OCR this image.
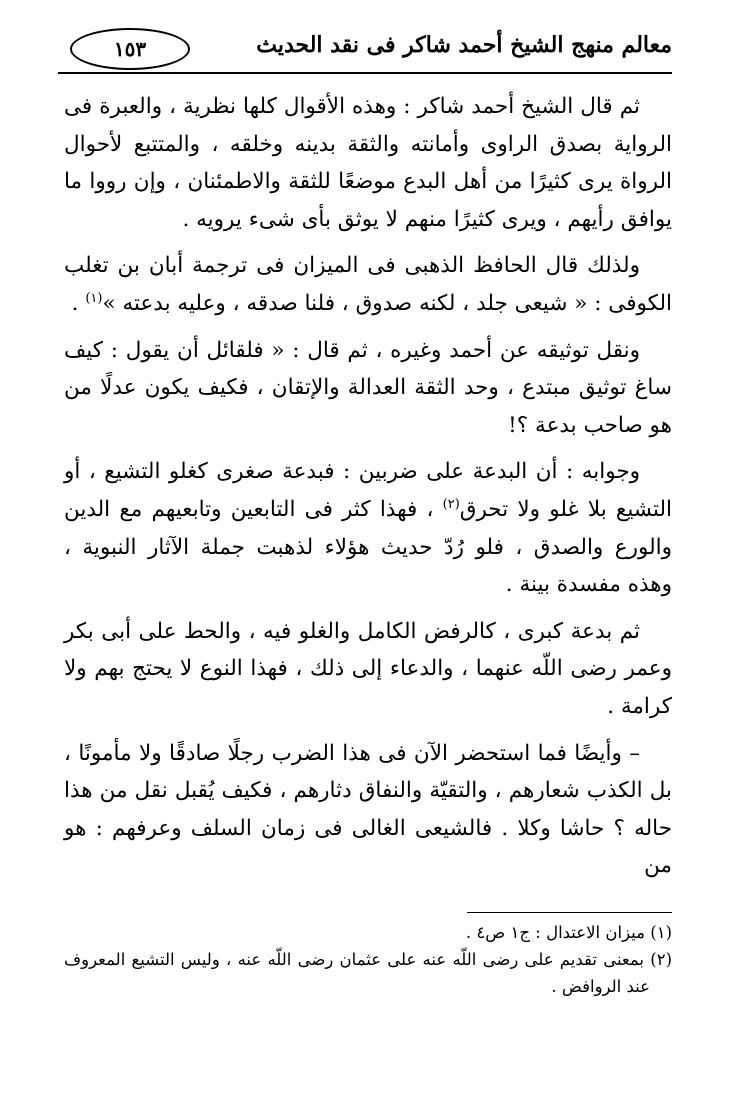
معالم منهج الشيخ أحمد شاكر فى نقد الحديث
١٥٣

ثم قال الشيخ أحمد شاكر : وهذه الأقوال كلها نظرية ، والعبرة فى الرواية بصدق الراوى وأمانته والثقة بدينه وخلقه ، والمتتبع لأحوال الرواة يرى كثيرًا من أهل البدع موضعًا للثقة والاطمئنان ، وإن رووا ما يوافق رأيهم ، ويرى كثيرًا منهم لا يوثق بأى شىء يرويه .

ولذلك قال الحافظ الذهبى فى الميزان فى ترجمة أبان بن تغلب الكوفى : « شيعى جلد ، لكنه صدوق ، فلنا صدقه ، وعليه بدعته »$^{(١)}$ .

ونقل توثيقه عن أحمد وغيره ، ثم قال : « فلقائل أن يقول : كيف ساغ توثيق مبتدع ، وحد الثقة العدالة والإتقان ، فكيف يكون عدلًا من هو صاحب بدعة ؟!

وجوابه : أن البدعة على ضربين : فبدعة صغرى كغلو التشيع ، أو التشيع بلا غلو ولا تحرق$^{(٢)}$ ، فهذا كثر فى التابعين وتابعيهم مع الدين والورع والصدق ، فلو رُدّ حديث هؤلاء لذهبت جملة الآثار النبوية ، وهذه مفسدة بينة .

ثم بدعة كبرى ، كالرفض الكامل والغلو فيه ، والحط على أبى بكر وعمر رضى اللّه عنهما ، والدعاء إلى ذلك ، فهذا النوع لا يحتج بهم ولا كرامة .

– وأيضًا فما استحضر الآن فى هذا الضرب رجلًا صادقًا ولا مأمونًا ، بل الكذب شعارهم ، والتقيّة والنفاق دثارهم ، فكيف يُقبل نقل من هذا حاله ؟ حاشا وكلا . فالشيعى الغالى فى زمان السلف وعرفهم : هو من

(١) ميزان الاعتدال : ج١ ص٤ .

(٢) بمعنى تقديم على رضى اللّه عنه على عثمان رضى اللّه عنه ، وليس التشيع المعروف عند الروافض .
